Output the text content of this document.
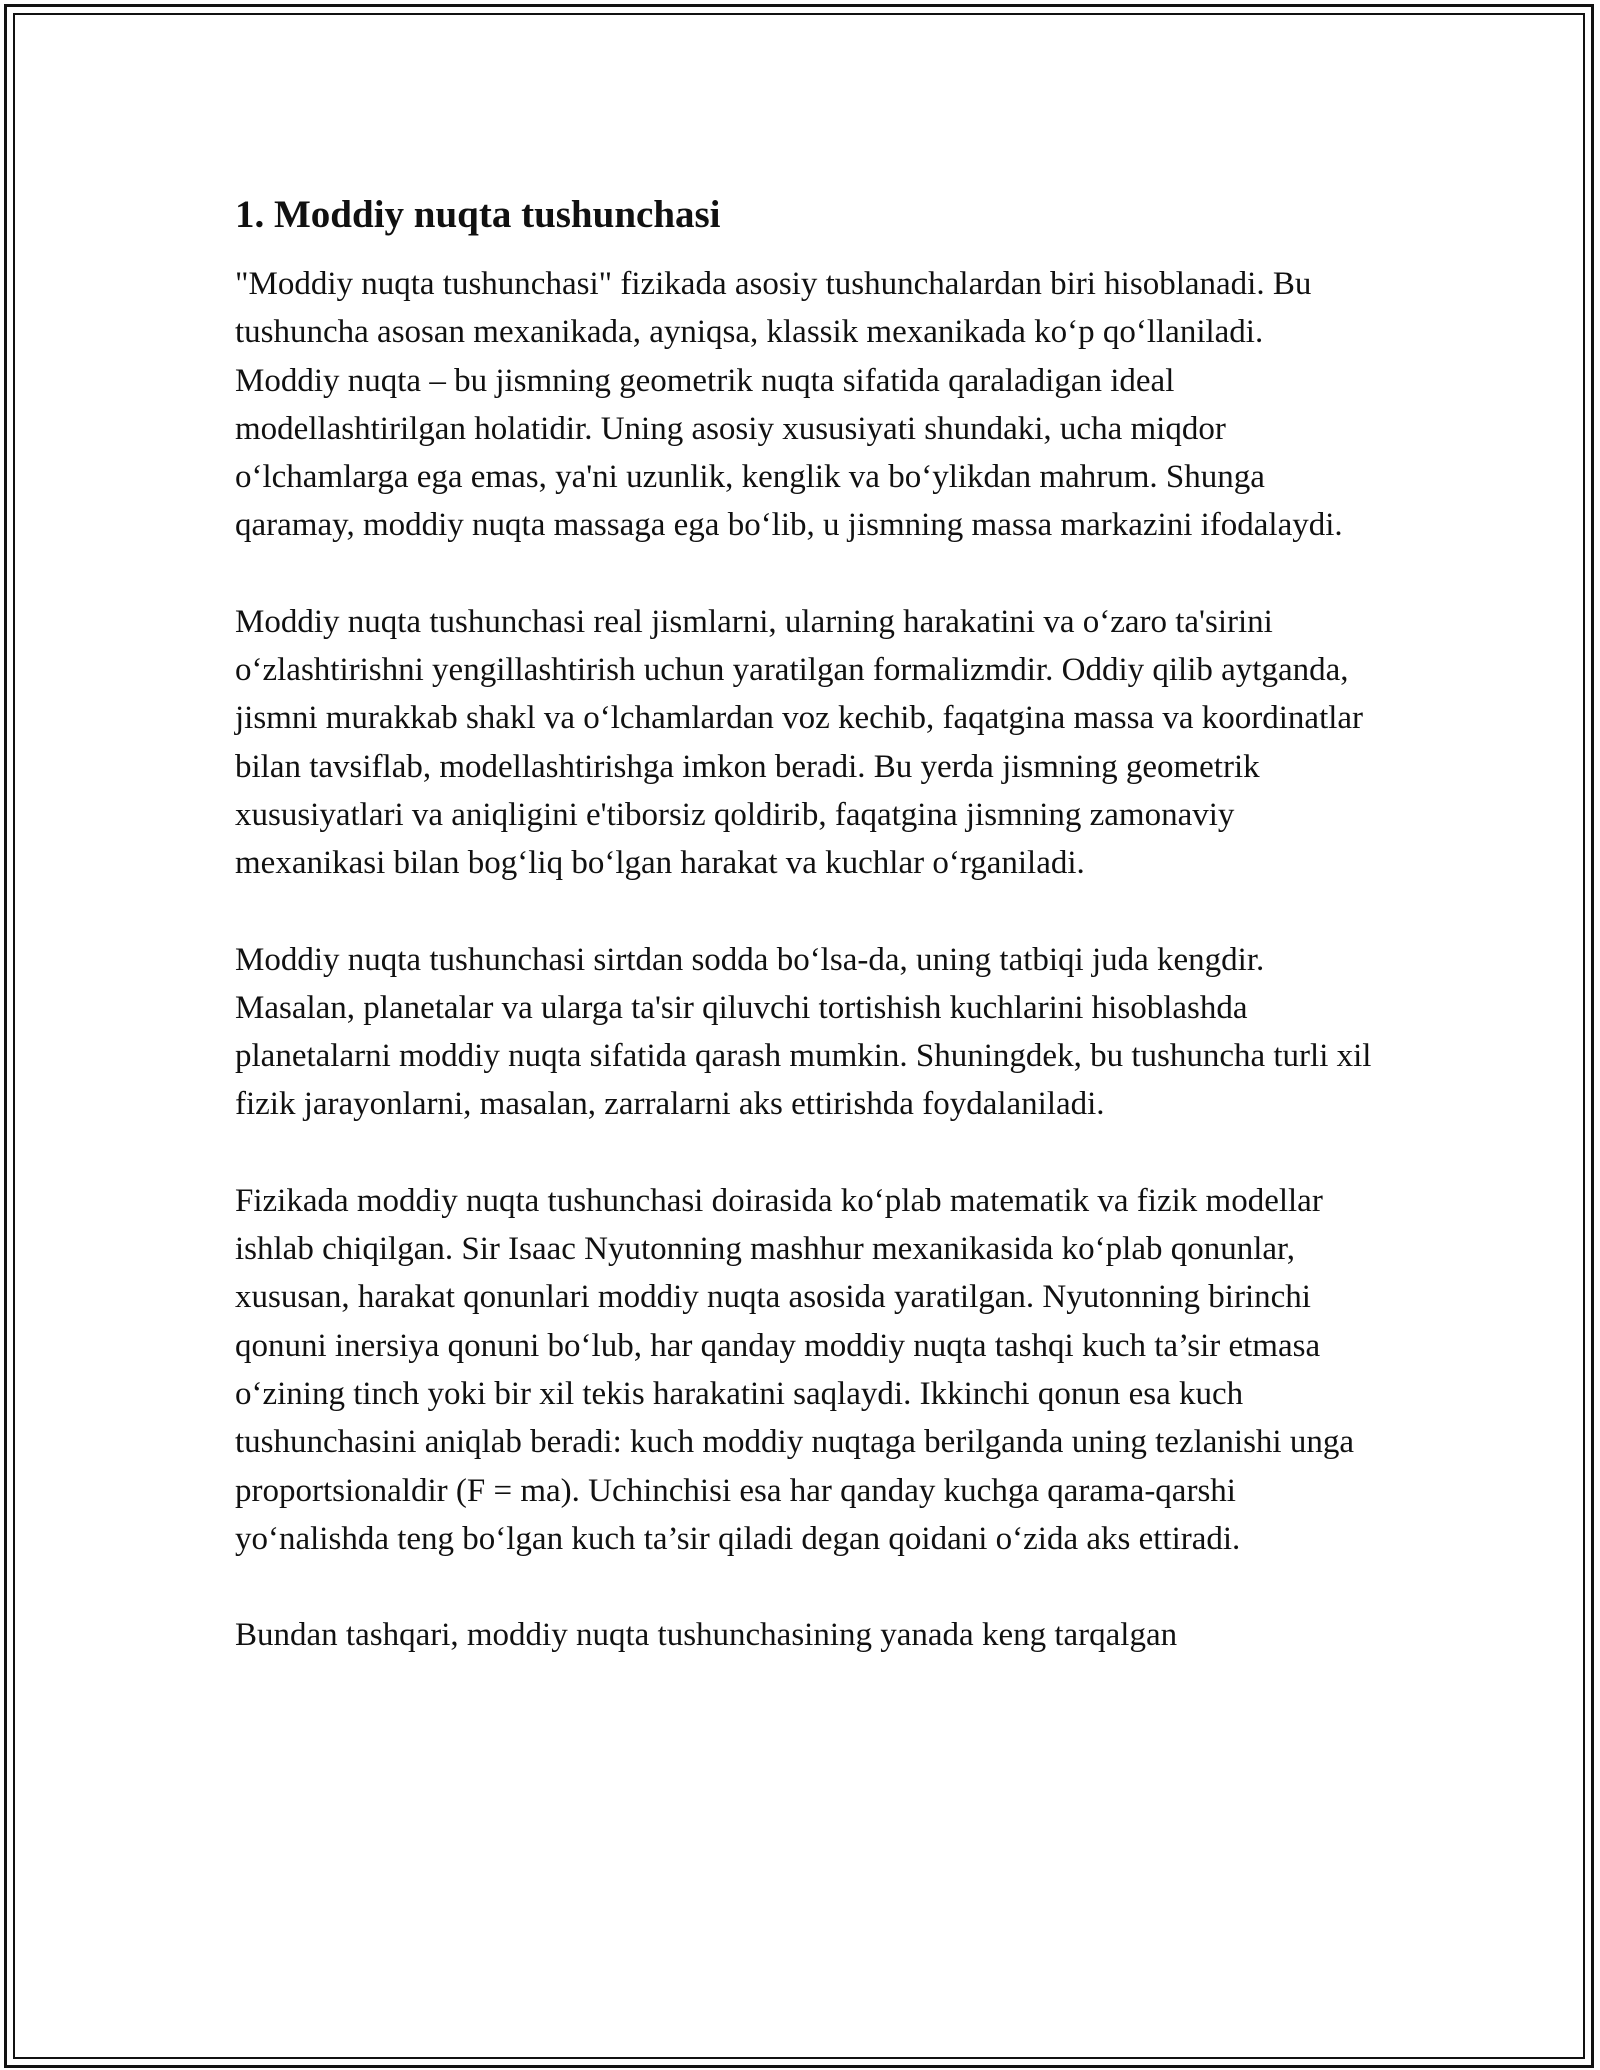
1. Moddiy nuqta tushunchasi

"Moddiy nuqta tushunchasi" fizikada asosiy tushunchalardan biri hisoblanadi. Bu tushuncha asosan mexanikada, ayniqsa, klassik mexanikada ko‘p qo‘llaniladi. Moddiy nuqta – bu jismning geometrik nuqta sifatida qaraladigan ideal modellashtirilgan holatidir. Uning asosiy xususiyati shundaki, ucha miqdor o‘lchamlarga ega emas, ya'ni uzunlik, kenglik va bo‘ylikdan mahrum. Shunga qaramay, moddiy nuqta massaga ega bo‘lib, u jismning massa markazini ifodalaydi.

Moddiy nuqta tushunchasi real jismlarni, ularning harakatini va o‘zaro ta'sirini o‘zlashtirishni yengillashtirish uchun yaratilgan formalizmdir. Oddiy qilib aytganda, jismni murakkab shakl va o‘lchamlardan voz kechib, faqatgina massa va koordinatlar bilan tavsiflab, modellashtirishga imkon beradi. Bu yerda jismning geometrik xususiyatlari va aniqligini e'tiborsiz qoldirib, faqatgina jismning zamonaviy mexanikasi bilan bog‘liq bo‘lgan harakat va kuchlar o‘rganiladi.

Moddiy nuqta tushunchasi sirtdan sodda bo‘lsa-da, uning tatbiqi juda kengdir. Masalan, planetalar va ularga ta'sir qiluvchi tortishish kuchlarini hisoblashda planetalarni moddiy nuqta sifatida qarash mumkin. Shuningdek, bu tushuncha turli xil fizik jarayonlarni, masalan, zarralarni aks ettirishda foydalaniladi.

Fizikada moddiy nuqta tushunchasi doirasida ko‘plab matematik va fizik modellar ishlab chiqilgan. Sir Isaac Nyutonning mashhur mexanikasida ko‘plab qonunlar, xususan, harakat qonunlari moddiy nuqta asosida yaratilgan. Nyutonning birinchi qonuni inersiya qonuni bo‘lub, har qanday moddiy nuqta tashqi kuch ta’sir etmasa o‘zining tinch yoki bir xil tekis harakatini saqlaydi. Ikkinchi qonun esa kuch tushunchasini aniqlab beradi: kuch moddiy nuqtaga berilganda uning tezlanishi unga proportsionaldir (F = ma). Uchinchisi esa har qanday kuchga qarama-qarshi yo‘nalishda teng bo‘lgan kuch ta’sir qiladi degan qoidani o‘zida aks ettiradi.

Bundan tashqari, moddiy nuqta tushunchasining yanada keng tarqalgan
